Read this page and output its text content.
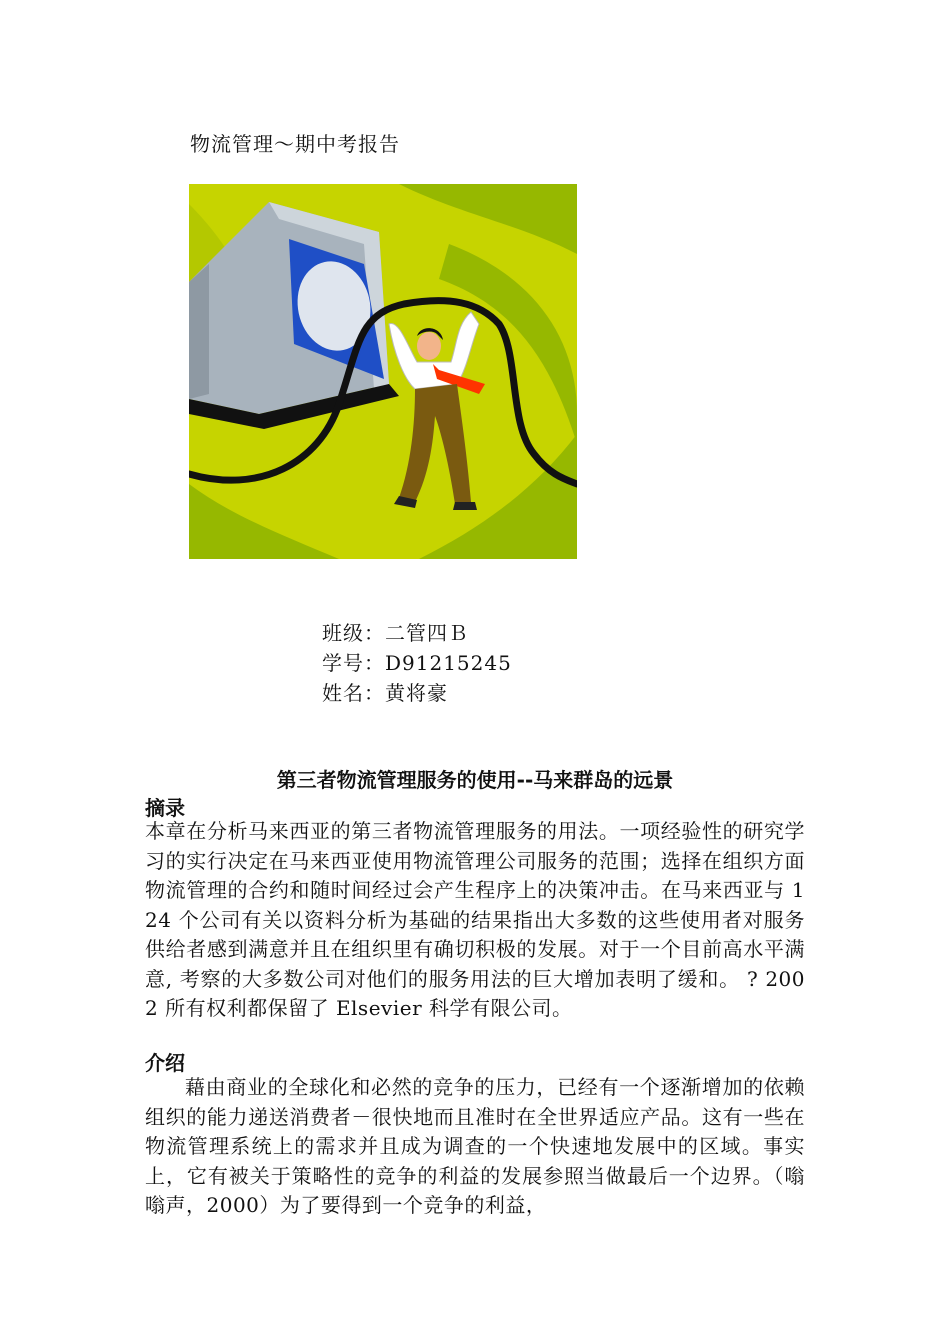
物流管理～期中考报告
班级：二管四Ｂ
学号：D91215245
姓名：黄将豪
第三者物流管理服务的使用--马来群岛的远景
摘录
本章在分析马来西亚的第三者物流管理服务的用法。一项经验性的研究学习的实行决定在马来西亚使用物流管理公司服务的范围；选择在组织方面物流管理的合约和随时间经过会产生程序上的决策冲击。在马来西亚与 124 个公司有关以资料分析为基础的结果指出大多数的这些使用者对服务供给者感到满意并且在组织里有确切积极的发展。对于一个目前高水平满意, 考察的大多数公司对他们的服务用法的巨大增加表明了缓和。 ? 2002 所有权利都保留了 Elsevier 科学有限公司。
介绍
藉由商业的全球化和必然的竞争的压力，已经有一个逐渐增加的依赖组织的能力递送消费者－很快地而且准时在全世界适应产品。这有一些在物流管理系统上的需求并且成为调查的一个快速地发展中的区域。事实上，它有被关于策略性的竞争的利益的发展参照当做最后一个边界。（嗡嗡声，2000）为了要得到一个竞争的利益，
